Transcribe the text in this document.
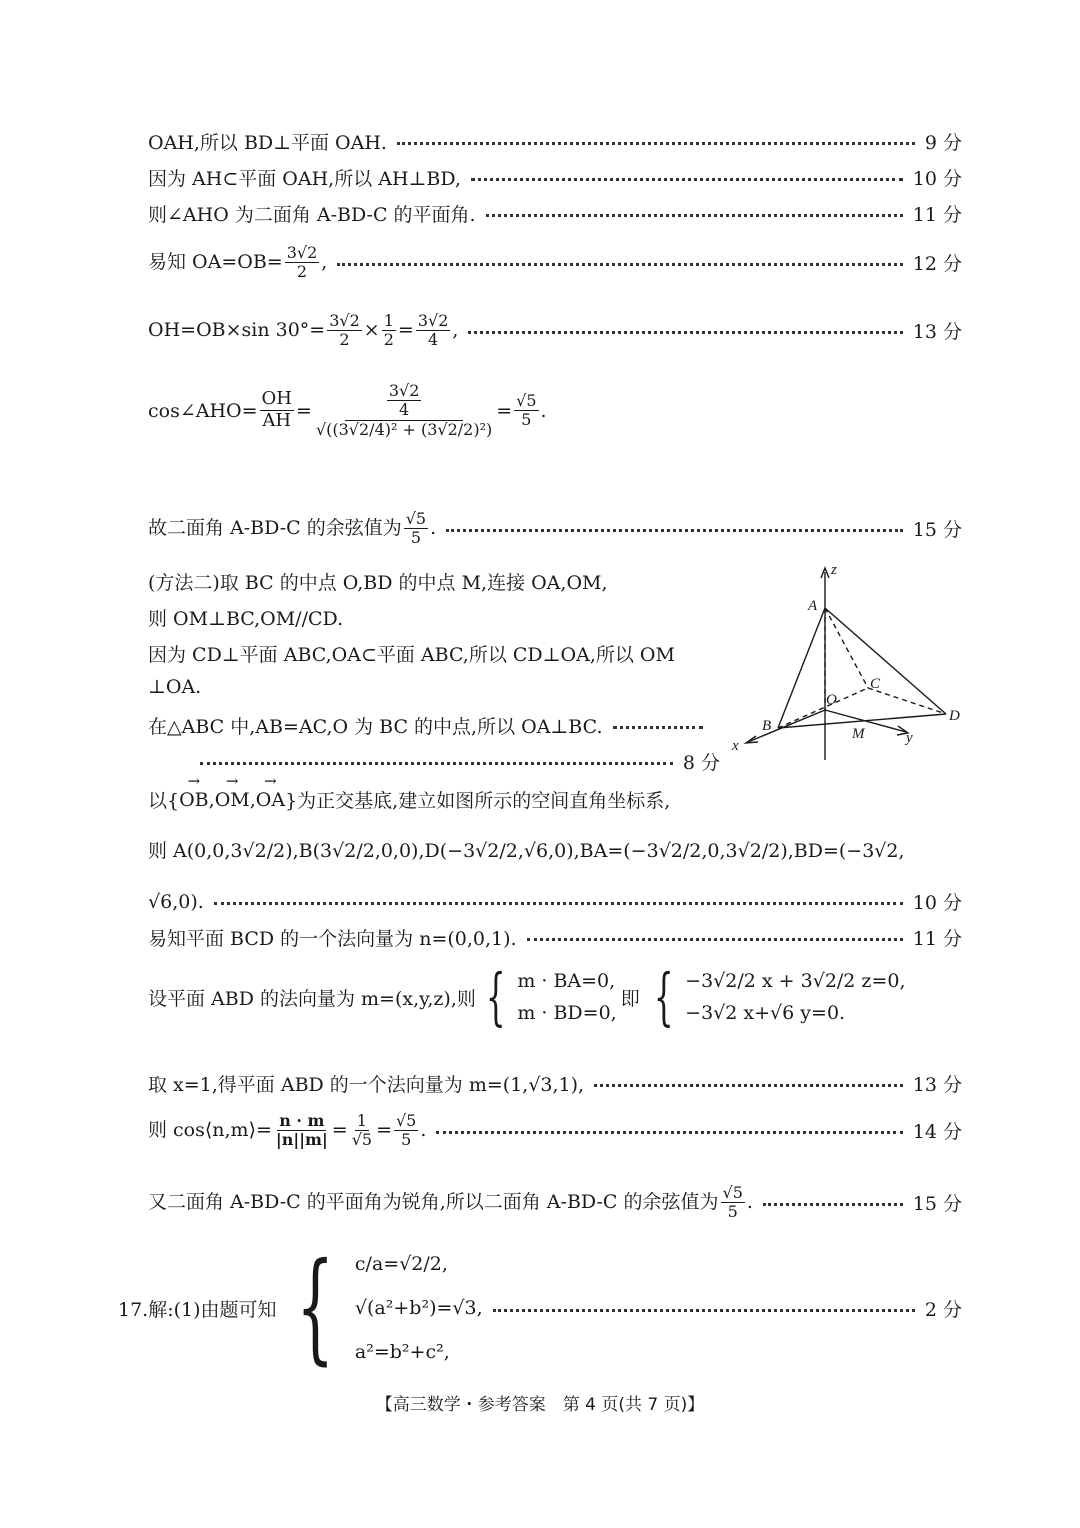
OAH,所以 BD⊥平面 OAH.	9 分
因为 AH⊂平面 OAH,所以 AH⊥BD,	10 分
则∠AHO 为二面角 A-BD-C 的平面角.	11 分
易知 $OA=OB= \frac{3√2}{2}$ ,	12 分
OH=OB×sin $30^\circ= \frac{3√2}{2} \times \frac{1}{2} = \frac{3√2}{4}$ ,	13 分
cos∠AHO= $\frac{OH}{AH} = \frac{\frac{3√2}{4}}{\text{√((3√2/4)² + (3√2/2)²)}} = \frac{√5}{5}$ .
故二面角 A-BD-C 的余弦值为 $\frac{√5}{5}$ .	15 分
(方法二)取 BC 的中点 O,BD 的中点 M,连接 OA,OM,
则 OM⊥BC,OM//CD.
因为 CD⊥平面 ABC,OA⊂平面 ABC,所以 CD⊥OA,所以 OM
⊥OA.
在△ABC 中,AB=AC,O 为 BC 的中点,所以 OA⊥BC.
8 分
z
A
C
O
B
D
M
x	y
以{ → OB , → OM , → OA }为正交基底,建立如图所示的空间直角坐标系,
则 A(0,0,3√2/2),B(3√2/2,0,0),D(−3√2/2,√6,0),BA=(−3√2/2,0,3√2/2),BD=(−3√2,
√6,0).	10 分
易知平面 BCD 的一个法向量为 n=(0,0,1).	11 分
设平面 ABD 的法向量为 m=(x,y,z),则 { m · BA=0,
m · BD=0,
即 { −3√2/2 x + 3√2/2 z=0,
−3√2 x+√6 y=0.
取 x=1,得平面 ABD 的一个法向量为 m=(1,√3,1),	13 分
则 cos⟨n,m⟩= $\frac{n \cdot m}{|n||m|} = \frac{1}{√5} = \frac{√5}{5}$ .	14 分
又二面角 A-BD-C 的平面角为锐角,所以二面角 A-BD-C 的余弦值为 $\frac{√5}{5}$ .	15 分
17.解:(1)由题可知 { c/a=√2/2,
√(a²+b²)=√3,
a²=b²+c²,
2 分
【高三数学・参考答案　第 4 页(共 7 页)】
